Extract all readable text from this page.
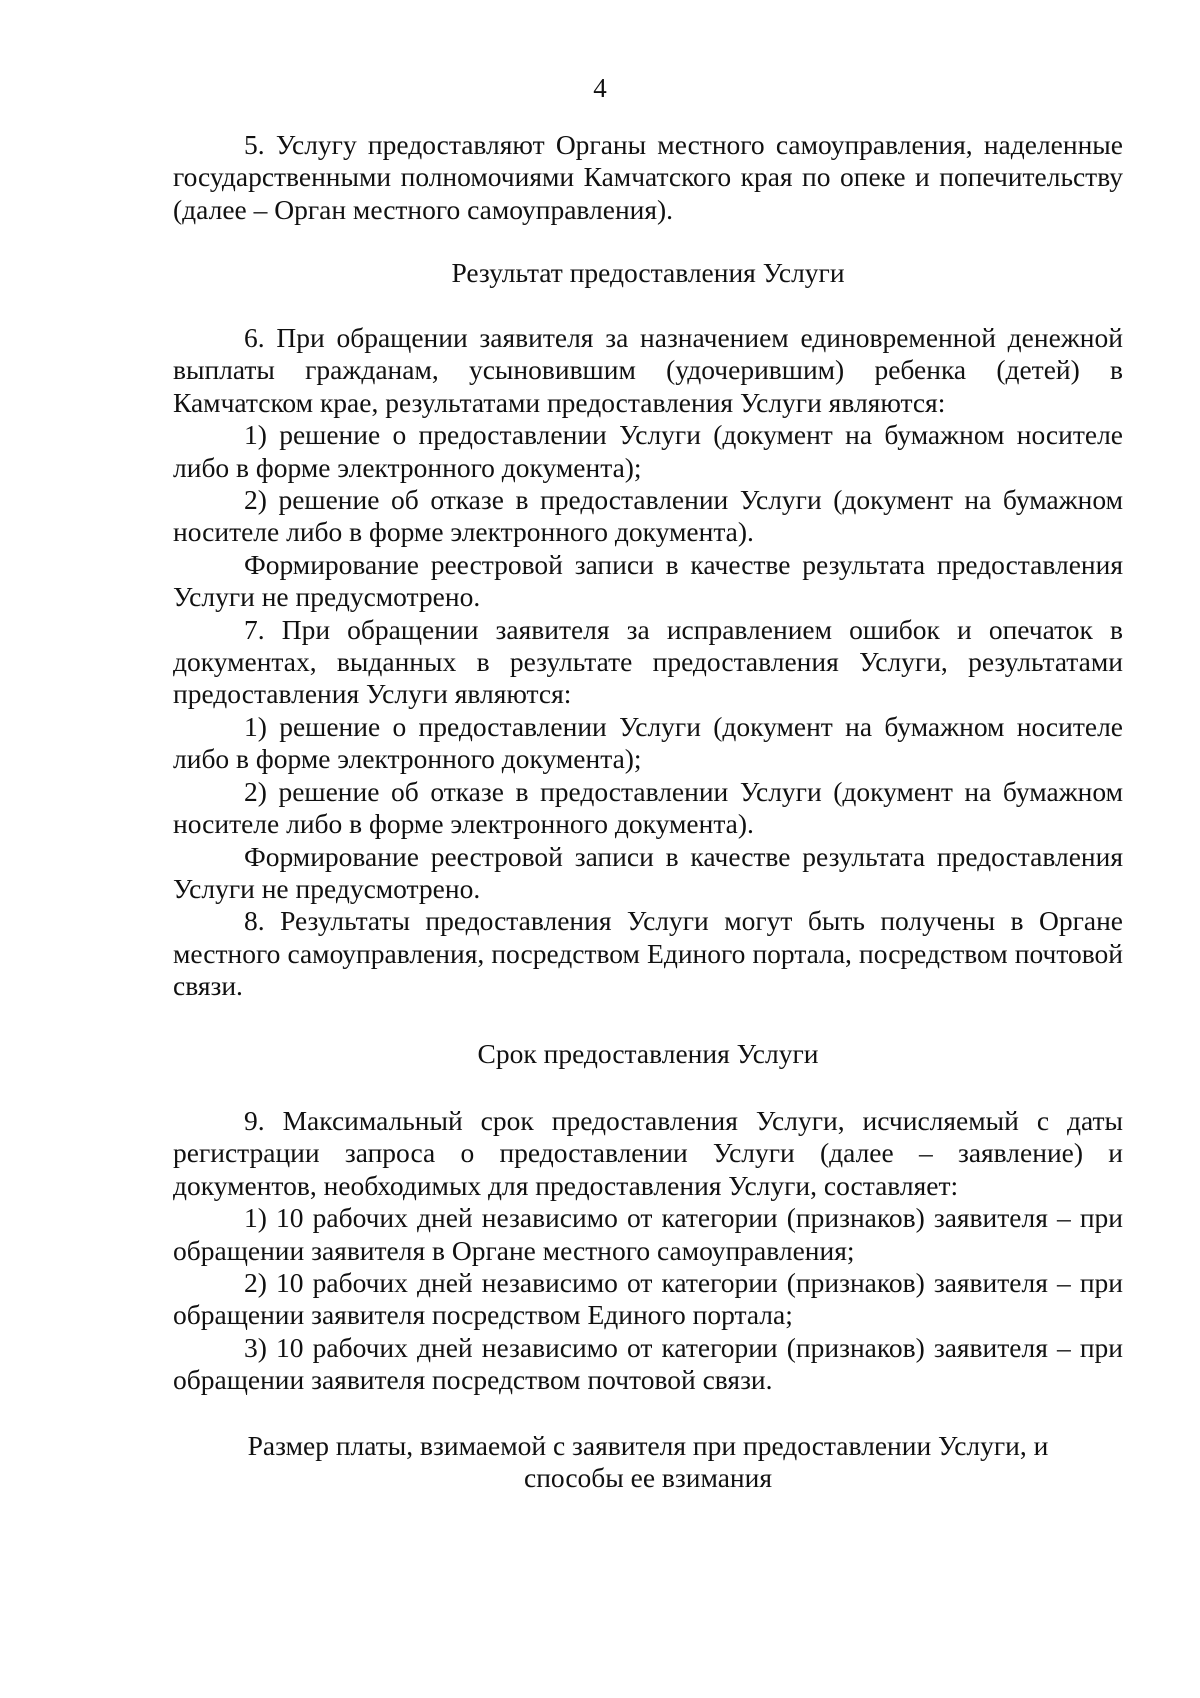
4

5. Услугу предоставляют Органы местного самоуправления, наделенные государственными полномочиями Камчатского края по опеке и попечительству (далее – Орган местного самоуправления).

Результат предоставления Услуги

6. При обращении заявителя за назначением единовременной денежной выплаты гражданам, усыновившим (удочерившим) ребенка (детей) в Камчатском крае, результатами предоставления Услуги являются:

1) решение о предоставлении Услуги (документ на бумажном носителе либо в форме электронного документа);

2) решение об отказе в предоставлении Услуги (документ на бумажном носителе либо в форме электронного документа).

Формирование реестровой записи в качестве результата предоставления Услуги не предусмотрено.

7. При обращении заявителя за исправлением ошибок и опечаток в документах, выданных в результате предоставления Услуги, результатами предоставления Услуги являются:

1) решение о предоставлении Услуги (документ на бумажном носителе либо в форме электронного документа);

2) решение об отказе в предоставлении Услуги (документ на бумажном носителе либо в форме электронного документа).

Формирование реестровой записи в качестве результата предоставления Услуги не предусмотрено.

8. Результаты предоставления Услуги могут быть получены в Органе местного самоуправления, посредством Единого портала, посредством почтовой связи.

Срок предоставления Услуги

9. Максимальный срок предоставления Услуги, исчисляемый с даты регистрации запроса о предоставлении Услуги (далее – заявление) и документов, необходимых для предоставления Услуги, составляет:

1) 10 рабочих дней независимо от категории (признаков) заявителя – при обращении заявителя в Органе местного самоуправления;

2) 10 рабочих дней независимо от категории (признаков) заявителя – при обращении заявителя посредством Единого портала;

3) 10 рабочих дней независимо от категории (признаков) заявителя – при обращении заявителя посредством почтовой связи.

Размер платы, взимаемой с заявителя при предоставлении Услуги, и
способы ее взимания
